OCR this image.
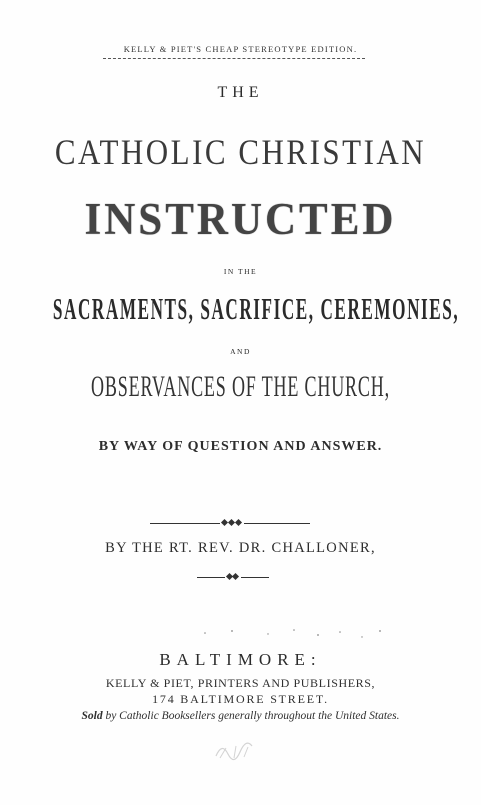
KELLY & PIET'S CHEAP STEREOTYPE EDITION.
THE
CATHOLIC CHRISTIAN
INSTRUCTED
IN THE
SACRAMENTS, SACRIFICE, CEREMONIES,
AND
OBSERVANCES OF THE CHURCH,
BY WAY OF QUESTION AND ANSWER.
BY THE RT. REV. DR. CHALLONER,
BALTIMORE:
KELLY & PIET, PRINTERS AND PUBLISHERS,
174 BALTIMORE STREET.
Sold by Catholic Booksellers generally throughout the United States.
